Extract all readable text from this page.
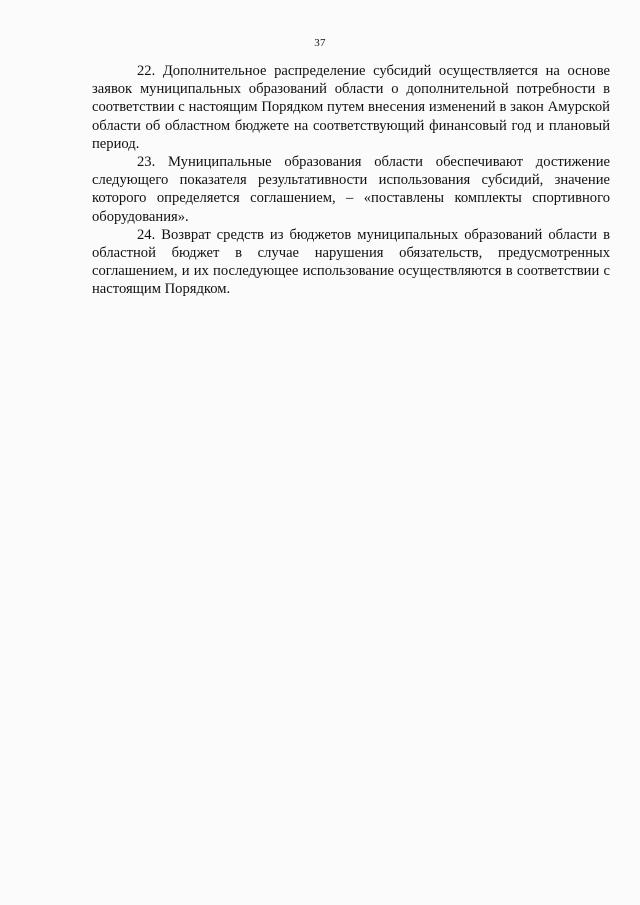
37

22. Дополнительное распределение субсидий осуществляется на основе заявок муниципальных образований области о дополнительной потребности в соответствии с настоящим Порядком путем внесения изменений в закон Амурской области об областном бюджете на соответствующий финансовый год и плановый период.

23. Муниципальные образования области обеспечивают достижение следующего показателя результативности использования субсидий, значение которого определяется соглашением, – «поставлены комплекты спортивного оборудования».

24. Возврат средств из бюджетов муниципальных образований области в областной бюджет в случае нарушения обязательств, предусмотренных соглашением, и их последующее использование осуществляются в соответствии с настоящим Порядком.
